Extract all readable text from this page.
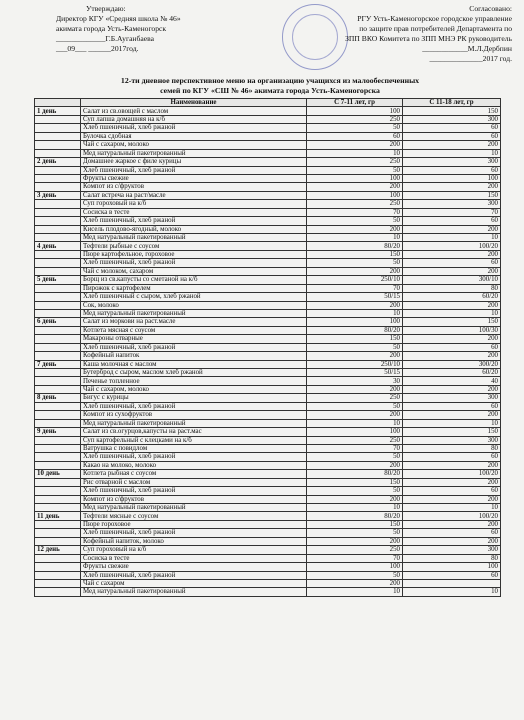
Утверждаю:
Директор КГУ «Средняя школа № 46»
акимата города Усть-Каменогорск
_____________Г.Б.Ауганбаева
___09___ ______2017год.
Согласовано:
РГУ Усть-Каменогорское городское управление
по защите прав потребителей Департамента по
ЗПП ВКО Комитета по ЗПП МНЭ РК руководитель
____________М.Л.Дербпин
______________2017 год.
12-ти дневное перспективное меню на организацию учащихся из малообеспеченных
семей по КГУ «СШ № 46» акимата города Усть-Каменогорска
	Наименование	С 7-11 лет, гр	С 11-18 лет, гр
1 день	Салат из св.овощей с маслом	100	150
	Суп лапша домашняя на к/б	250	300
	Хлеб пшеничный, хлеб ржаной	50	60
	Булочка сдобная	60	60
	Чай с сахаром, молоко	200	200
	Мед натуральный пакетированный	10	10
2 день	Домашнее жаркое с филе курицы	250	300
	Хлеб пшеничный, хлеб ржаной	50	60
	Фрукты свежие	100	100
	Компот из с/фруктов	200	200
3 день	Салат встреча на раст/масле	100	150
	Суп гороховый на к/б	250	300
	Сосиска в тесте	70	70
	Хлеб пшеничный, хлеб ржаной	50	60
	Кисель плодово-ягодный, молоко	200	200
	Мед натуральный пакетированный	10	10
4 день	Тефтели рыбные с соусом	80/20	100/20
	Пюре картофельное, гороховое	150	200
	Хлеб пшеничный, хлеб ржаной	50	60
	Чай с молоком, сахаром	200	200
5 день	Борщ из св.капусты со сметаной на к/б	250/10	300/10
	Пирожок с картофелем	70	80
	Хлеб пшеничный с сыром, хлеб ржаной	50/15	60/20
	Сок, молоко	200	200
	Мед натуральный пакетированный	10	10
6 день	Салат из моркови на раст.масле	100	150
	Котлета мясная с соусом	80/20	100/30
	Макароны отварные	150	200
	Хлеб пшеничный, хлеб ржаной	50	60
	Кофейный напиток	200	200
7 день	Каша молочная с маслом	250/10	300/20
	Бутерброд с сыром, маслом хлеб ржаной	50/15	60/20
	Печенье топленное	30	40
	Чай с сахаром, молоко	200	200
8 день	Бигус с курицы	250	300
	Хлеб пшеничный, хлеб ржаной	50	60
	Компот из сухофруктов	200	200
	Мед натуральный пакетированный	10	10
9 день	Салат из св.огурцов,капусты на раст.мас	100	150
	Суп картофельный с клецками на к/б	250	300
	Ватрушка с повидлом	70	80
	Хлеб пшеничный, хлеб ржаной	50	60
	Какао на молоко, молоко	200	200
10 день	Котлета рыбная с соусом	80/20	100/20
	Рис отварной с маслом	150	200
	Хлеб пшеничный, хлеб ржаной	50	60
	Компот из с/фруктов	200	200
	Мед натуральный пакетированный	10	10
11 день	Тефтели мясные с соусом	80/20	100/20
	Пюре гороховое	150	200
	Хлеб пшеничный, хлеб ржаной	50	60
	Кофейный напиток, молоко	200	200
12 день	Суп гороховый на к/б	250	300
	Сосиска в тесте	70	80
	Фрукты свежие	100	100
	Хлеб пшеничный, хлеб ржаной	50	60
	Чай с сахаром	200	
	Мед натуральный пакетированный	10	10
